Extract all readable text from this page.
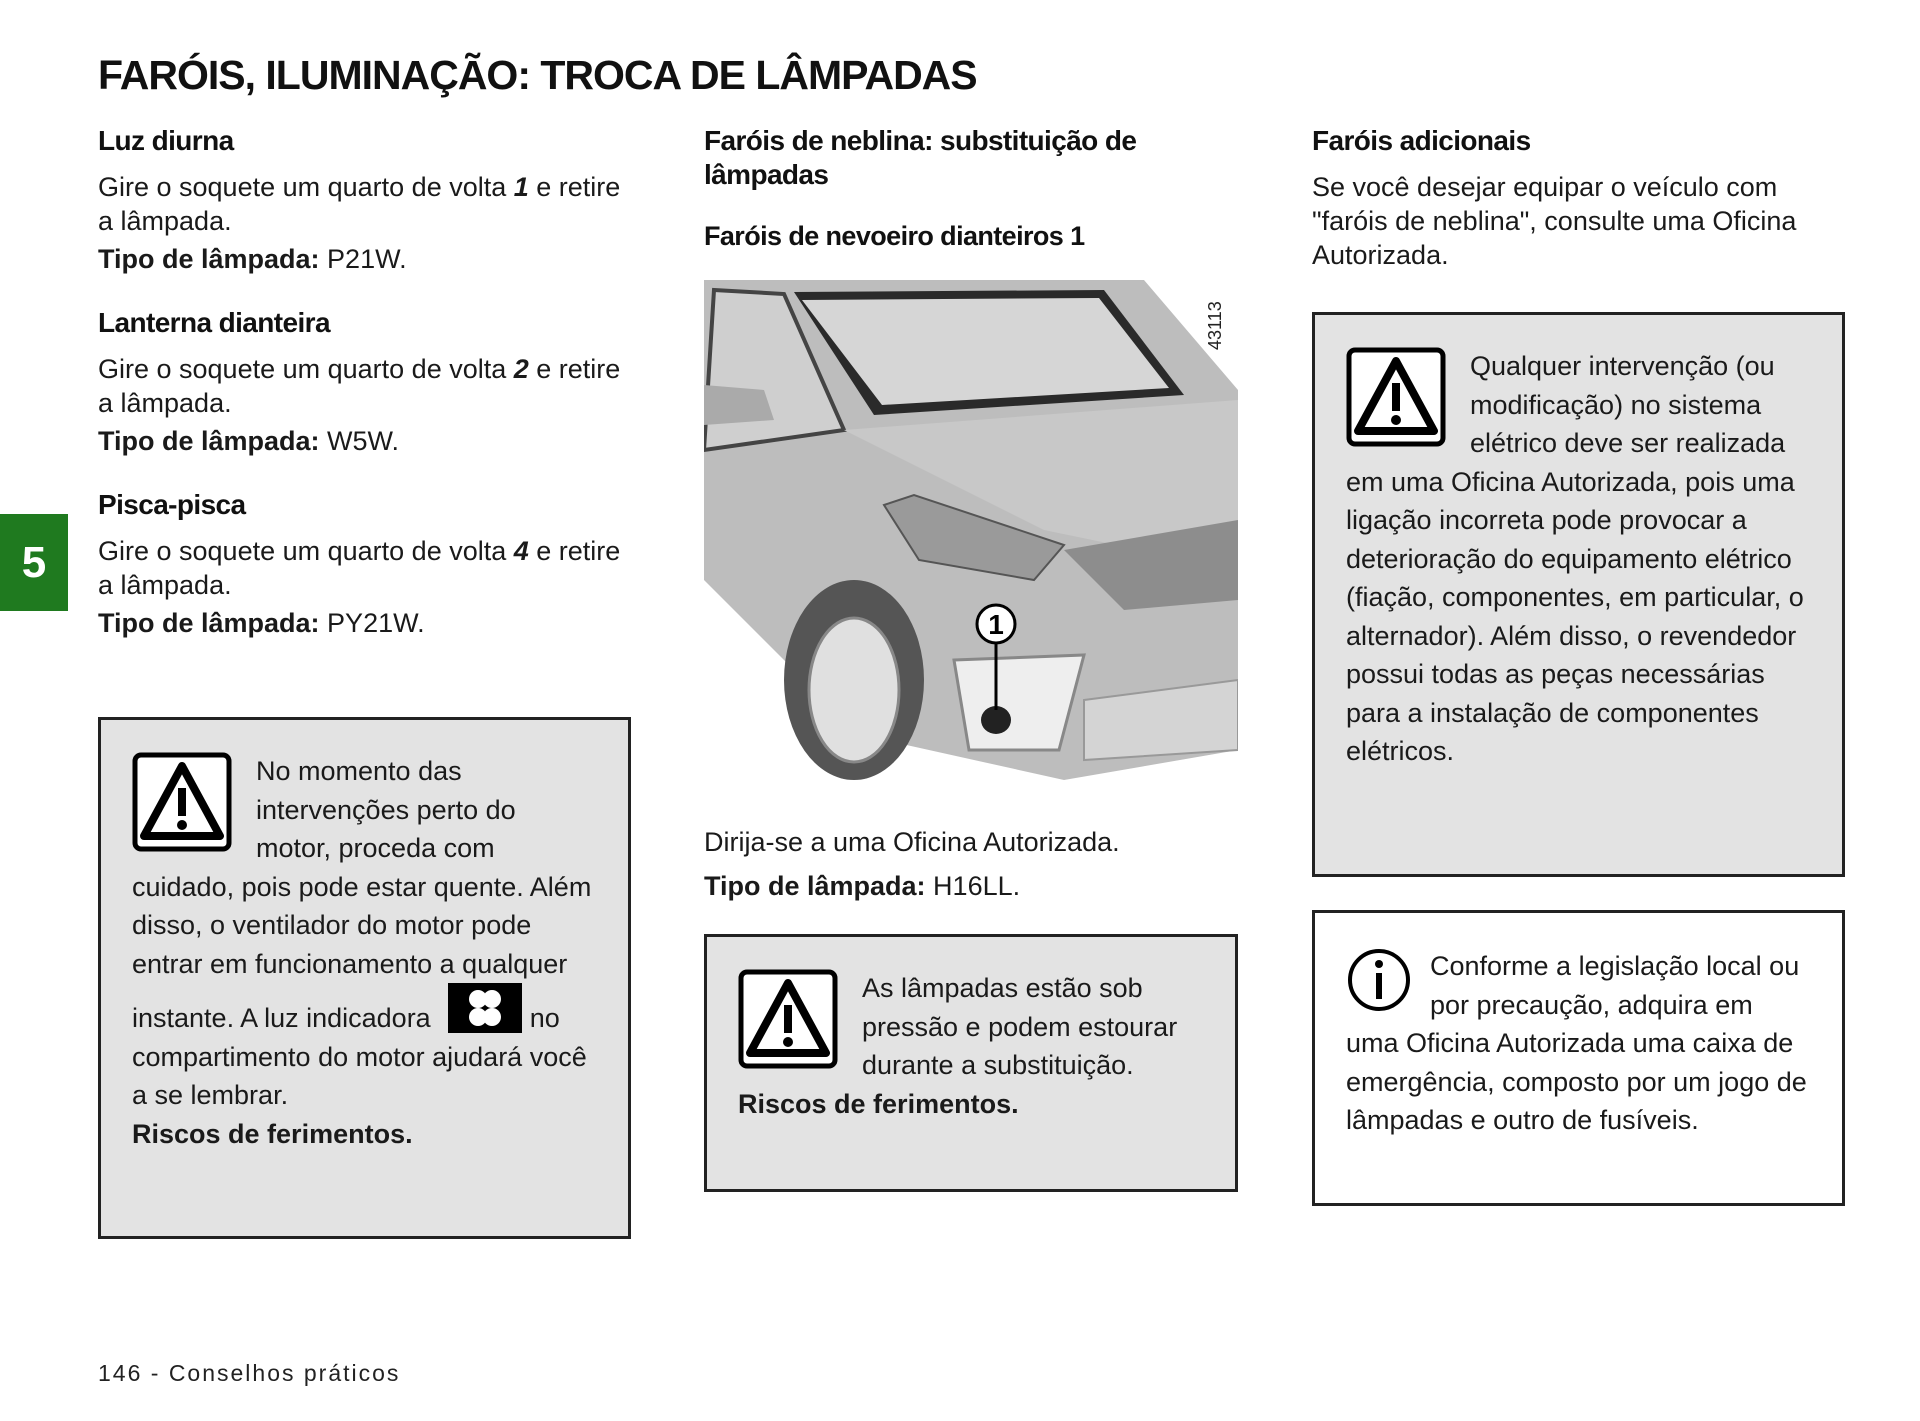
FARÓIS, ILUMINAÇÃO: TROCA DE LÂMPADAS
5
Luz diurna

Gire o soquete um quarto de volta 1 e retire a lâmpada.

Tipo de lâmpada: P21W.

Lanterna dianteira

Gire o soquete um quarto de volta 2 e retire a lâmpada.

Tipo de lâmpada: W5W.

Pisca-pisca

Gire o soquete um quarto de volta 4 e retire a lâmpada.

Tipo de lâmpada: PY21W.

No momento das intervenções perto do motor, proceda com cuidado, pois pode estar quente. Além disso, o ventilador do motor pode entrar em funcionamento a qualquer instante. A luz indicadora	no compartimento do motor ajudará você a se lembrar.
Riscos de ferimentos.
Faróis de neblina: substituição de lâmpadas
Faróis de nevoeiro dianteiros 1
1
43113

Dirija-se a uma Oficina Autorizada.

Tipo de lâmpada: H16LL.

As lâmpadas estão sob pressão e podem estourar durante a substituição.
Riscos de ferimentos.
Faróis adicionais

Se você desejar equipar o veículo com "faróis de neblina", consulte uma Oficina Autorizada.

Qualquer intervenção (ou modificação) no sistema elétrico deve ser realizada em uma Oficina Autorizada, pois uma ligação incorreta pode provocar a deterioração do equipamento elétrico (fiação, componentes, em particular, o alternador). Além disso, o revendedor possui todas as peças necessárias para a instalação de componentes elétricos.
Conforme a legislação local ou por precaução, adquira em uma Oficina Autorizada uma caixa de emergência, composto por um jogo de lâmpadas e outro de fusíveis.
146 - Conselhos práticos
